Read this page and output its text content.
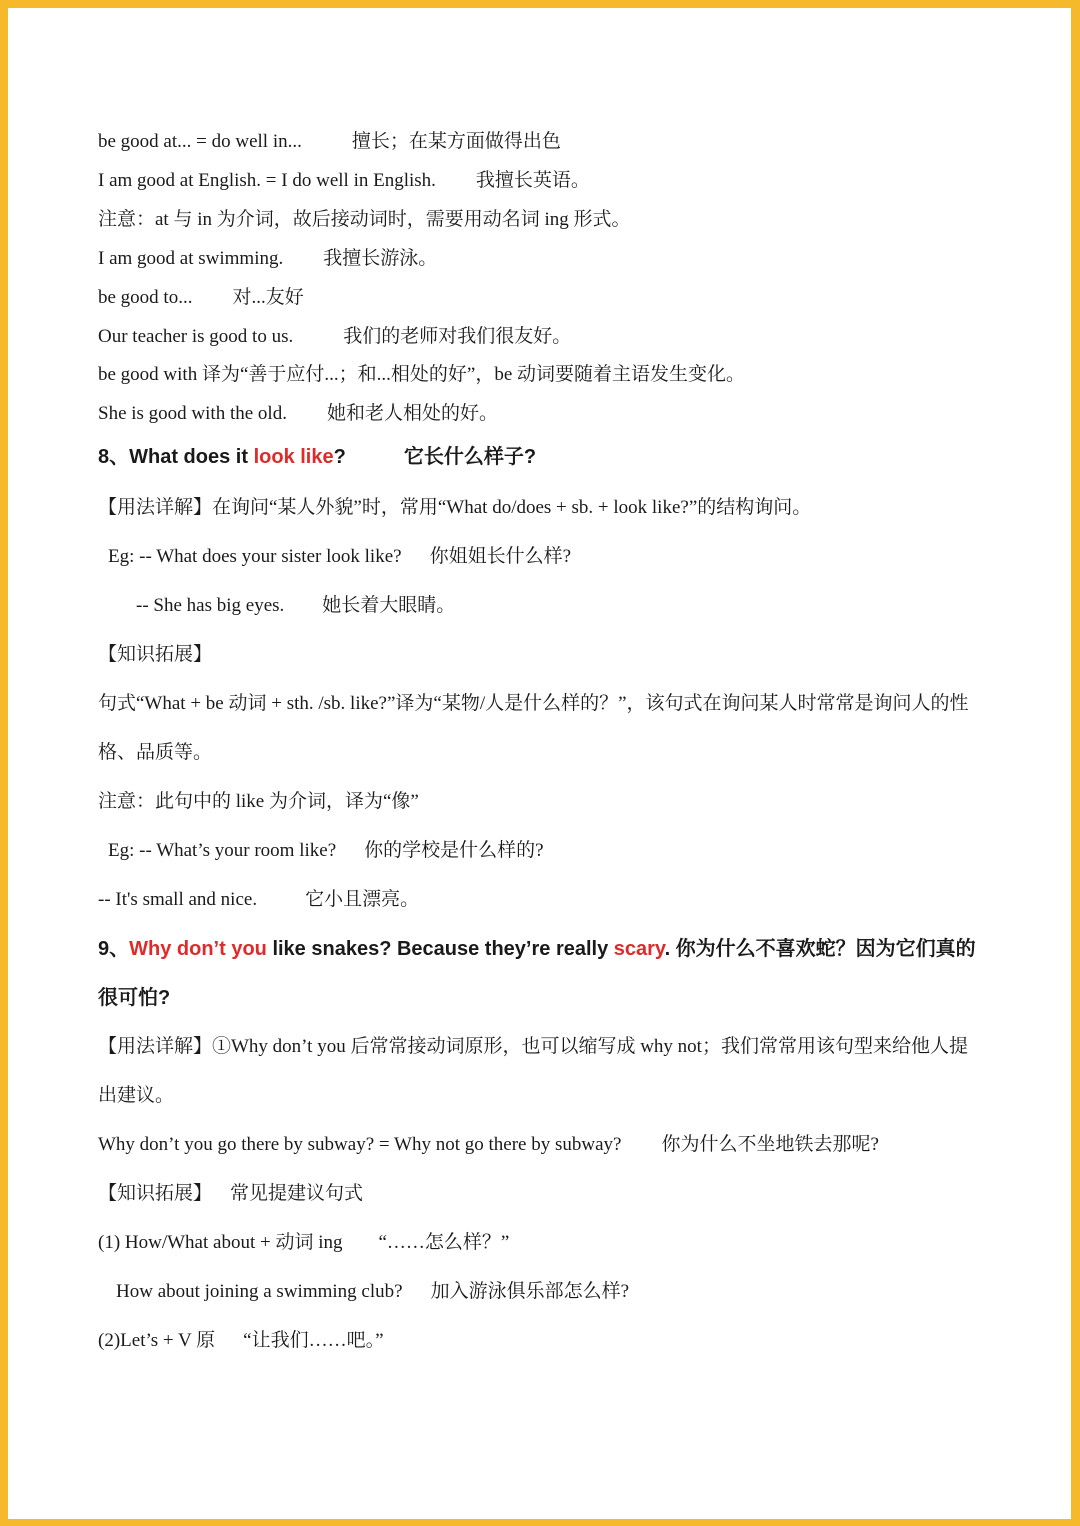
be good at... = do well in...	擅长；在某方面做得出色
I am good at English. = I do well in English. 我擅长英语。
注意：at 与 in 为介词，故后接动词时，需要用动名词 ing 形式。
I am good at swimming. 我擅长游泳。
be good to... 对...友好
Our teacher is good to us.	我们的老师对我们很友好。
be good with 译为“善于应付...；和...相处的好”，be 动词要随着主语发生变化。
She is good with the old. 她和老人相处的好。
8、What does it look like?	它长什么样子?
【用法详解】在询问“某人外貌”时，常用“What do/does + sb. + look like?”的结构询问。
Eg: -- What does your sister look like? 你姐姐长什么样?
-- She has big eyes. 她长着大眼睛。
【知识拓展】
句式“What + be 动词 + sth. /sb. like?”译为“某物/人是什么样的？”，该句式在询问某人时常常是询问人的性
格、品质等。
注意：此句中的 like 为介词，译为“像”
Eg: -- What’s your room like? 你的学校是什么样的?
-- It's small and nice.	它小且漂亮。
9、Why don’t you like snakes? Because they’re really scary. 你为什么不喜欢蛇？因为它们真的
很可怕?
【用法详解】①Why don’t you 后常常接动词原形，也可以缩写成 why not；我们常常用该句型来给他人提
出建议。
Why don’t you go there by subway? = Why not go there by subway? 你为什么不坐地铁去那呢?
【知识拓展】 常见提建议句式
(1) How/What about + 动词 ing “……怎么样？”
How about joining a swimming club? 加入游泳俱乐部怎么样?
(2)Let’s + V 原 “让我们……吧。”
